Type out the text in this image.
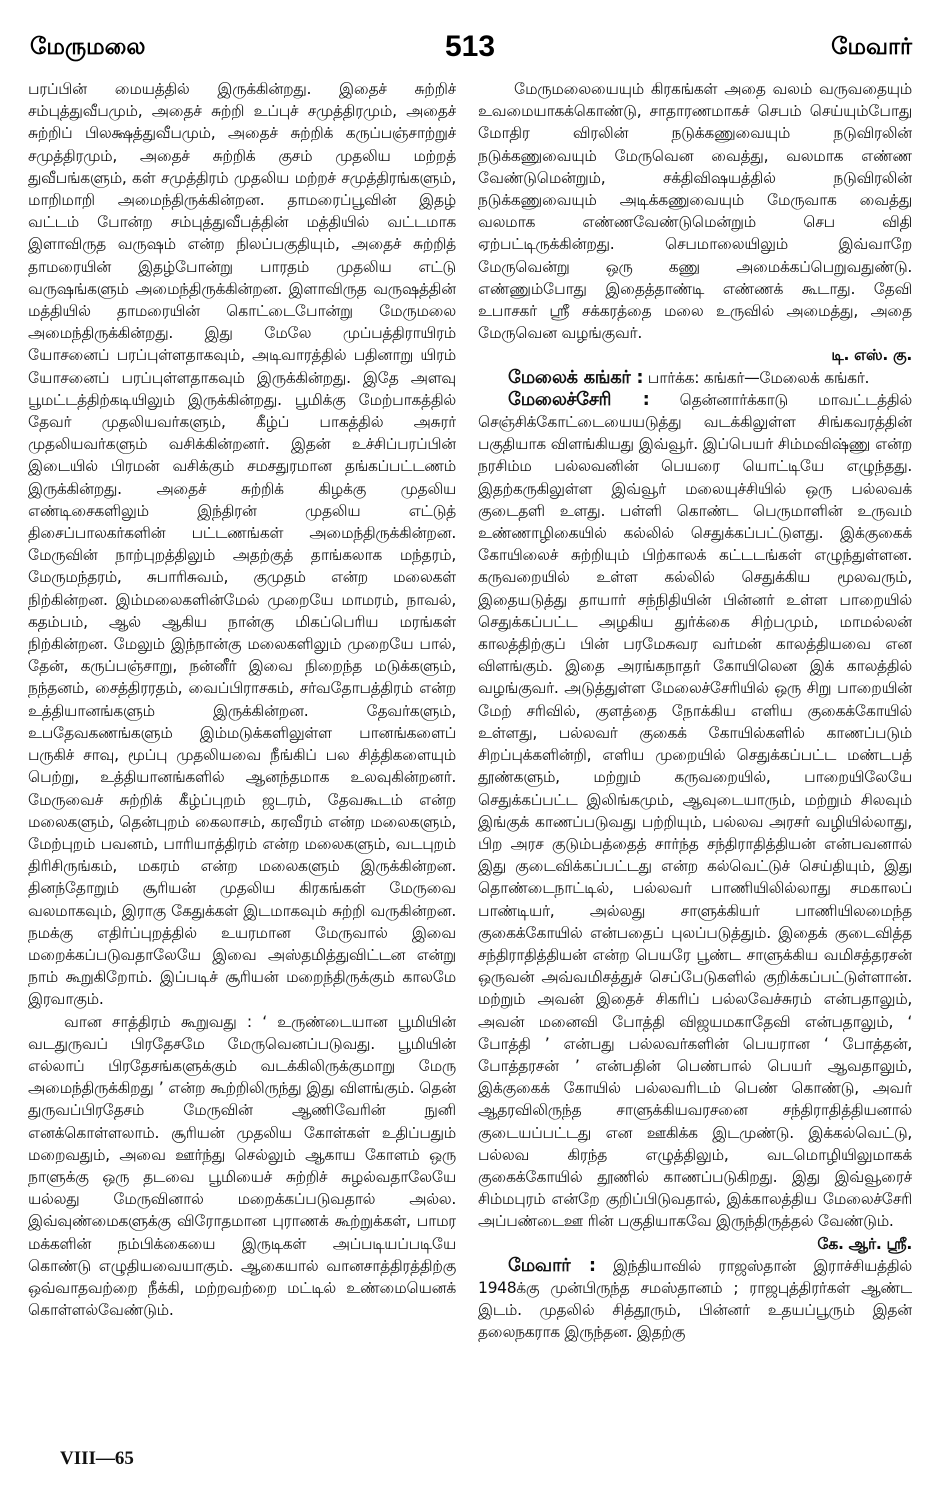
மேருமலை	513	மேவார்

பரப்பின் மையத்தில் இருக்கின்றது. இதைச் சுற்றிச் சம்புத்துவீபமும், அதைச் சுற்றி உப்புச் சமுத்திரமும், அதைச் சுற்றிப் பிலக்ஷத்துவீபமும், அதைச் சுற்றிக் கருப்பஞ்சாற்றுச் சமுத்திரமும், அதைச் சுற்றிக் குசம் முதலிய மற்றத் துவீபங்களும், கள் சமுத்திரம் முதலிய மற்றச் சமுத்திரங்களும், மாறிமாறி அமைந்திருக்கின்றன. தாமரைப்பூவின் இதழ் வட்டம் போன்ற சம்புத்துவீபத்தின் மத்தியில் வட்டமாக இளாவிருத வருஷம் என்ற நிலப்பகுதியும், அதைச் சுற்றித் தாமரையின் இதழ்போன்று பாரதம் முதலிய எட்டு வருஷங்களும் அமைந்திருக்கின்றன. இளாவிருத வருஷத்தின் மத்தியில் தாமரையின் கொட்டைபோன்று மேருமலை அமைந்திருக்கின்றது. இது மேலே முப்பத்திராயிரம் யோசனைப் பரப்புள்ளதாகவும், அடிவாரத்தில் பதினாறு யிரம் யோசனைப் பரப்புள்ளதாகவும் இருக்கின்றது. இதே அளவு பூமட்டத்திற்கடியிலும் இருக்கின்றது. பூமிக்கு மேற்பாகத்தில் தேவர் முதலியவர்களும், கீழ்ப் பாகத்தில் அசுரர் முதலியவர்களும் வசிக்கின்றனர். இதன் உச்சிப்பரப்பின் இடையில் பிரமன் வசிக்கும் சமசதுரமான தங்கப்பட்டணம் இருக்கின்றது. அதைச் சுற்றிக் கிழக்கு முதலிய எண்டிசைகளிலும் இந்திரன் முதலிய எட்டுத் திசைப்பாலகர்களின் பட்டணங்கள் அமைந்திருக்கின்றன. மேருவின் நாற்புறத்திலும் அதற்குத் தாங்கலாக மந்தரம், மேருமந்தரம், சுபாரிசுவம், குமுதம் என்ற மலைகள் நிற்கின்றன. இம்மலைகளின்மேல் முறையே மாமரம், நாவல், கதம்பம், ஆல் ஆகிய நான்கு மிகப்பெரிய மரங்கள் நிற்கின்றன. மேலும் இந்நான்கு மலைகளிலும் முறையே பால், தேன், கருப்பஞ்சாறு, நன்னீர் இவை நிறைந்த மடுக்களும், நந்தனம், சைத்திரரதம், வைப்பிராசகம், சர்வதோபத்திரம் என்ற உத்தியானங்களும் இருக்கின்றன. தேவர்களும், உபதேவகணங்களும் இம்மடுக்களிலுள்ள பானங்களைப் பருகிச் சாவு, மூப்பு முதலியவை நீங்கிப் பல சித்திகளையும் பெற்று, உத்தியானங்களில் ஆனந்தமாக உலவுகின்றனர். மேருவைச் சுற்றிக் கீழ்ப்புறம் ஜடரம், தேவகூடம் என்ற மலைகளும், தென்புறம் கைலாசம், கரவீரம் என்ற மலைகளும், மேற்புறம் பவனம், பாரியாத்திரம் என்ற மலைகளும், வடபுறம் திரிசிருங்கம், மகரம் என்ற மலைகளும் இருக்கின்றன. தினந்தோறும் சூரியன் முதலிய கிரகங்கள் மேருவை வலமாகவும், இராகு கேதுக்கள் இடமாகவும் சுற்றி வருகின்றன. நமக்கு எதிர்ப்புறத்தில் உயரமான மேருவால் இவை மறைக்கப்படுவதாலேயே இவை அஸ்தமித்துவிட்டன என்று நாம் கூறுகிறோம். இப்படிச் சூரியன் மறைந்திருக்கும் காலமே இரவாகும்.

வான சாத்திரம் கூறுவது : ‘ உருண்டையான பூமியின் வடதுருவப் பிரதேசமே மேருவெனப்படுவது. பூமியின் எல்லாப் பிரதேசங்களுக்கும் வடக்கிலிருக்குமாறு மேரு அமைந்திருக்கிறது ’ என்ற கூற்றிலிருந்து இது விளங்கும். தென் துருவப்பிரதேசம் மேருவின் ஆணிவேரின் நுனி எனக்கொள்ளலாம். சூரியன் முதலிய கோள்கள் உதிப்பதும் மறைவதும், அவை ஊர்ந்து செல்லும் ஆகாய கோளம் ஒரு நாளுக்கு ஒரு தடவை பூமியைச் சுற்றிச் சுழல்வதாலேயே யல்லது மேருவினால் மறைக்கப்படுவதால் அல்ல. இவ்வுண்மைகளுக்கு விரோதமான புராணக் கூற்றுக்கள், பாமர மக்களின் நம்பிக்கையை இருடிகள் அப்படியப்படியே கொண்டு எழுதியவையாகும். ஆகையால் வானசாத்திரத்திற்கு ஒவ்வாதவற்றை நீக்கி, மற்றவற்றை மட்டில் உண்மையெனக் கொள்ளல்வேண்டும்.

மேருமலையையும் கிரகங்கள் அதை வலம் வருவதையும் உவமையாகக்கொண்டு, சாதாரணமாகச் செபம் செய்யும்போது மோதிர விரலின் நடுக்கணுவையும் நடுவிரலின் நடுக்கணுவையும் மேருவென வைத்து, வலமாக எண்ண வேண்டுமென்றும், சக்திவிஷயத்தில் நடுவிரலின் நடுக்கணுவையும் அடிக்கணுவையும் மேருவாக வைத்து வலமாக எண்ணவேண்டுமென்றும் செப விதி ஏற்பட்டிருக்கின்றது. செபமாலையிலும் இவ்வாறே மேருவென்று ஒரு கணு அமைக்கப்பெறுவதுண்டு. எண்ணும்போது இதைத்தாண்டி எண்ணக் கூடாது. தேவி உபாசகர் ஸ்ரீ சக்கரத்தை மலை உருவில் அமைத்து, அதை மேருவென வழங்குவர்.

டி. எஸ். கு.

மேலைக் கங்கர் : பார்க்க: கங்கர்—மேலைக் கங்கர்.

மேலைச்சேரி : தென்னார்க்காடு மாவட்டத்தில் செஞ்சிக்கோட்டையையடுத்து வடக்கிலுள்ள சிங்கவரத்தின் பகுதியாக விளங்கியது இவ்வூர். இப்பெயர் சிம்மவிஷ்ணு என்ற நரசிம்ம பல்லவனின் பெயரை யொட்டியே எழுந்தது. இதற்கருகிலுள்ள இவ்வூர் மலையுச்சியில் ஒரு பல்லவக் குடைதளி உளது. பள்ளி கொண்ட பெருமாளின் உருவம் உண்ணாழிகையில் கல்லில் செதுக்கப்பட்டுளது. இக்குகைக் கோயிலைச் சுற்றியும் பிற்காலக் கட்டடங்கள் எழுந்துள்ளன. கருவறையில் உள்ள கல்லில் செதுக்கிய மூலவரும், இதையடுத்து தாயார் சந்நிதியின் பின்னர் உள்ள பாறையில் செதுக்கப்பட்ட அழகிய துர்க்கை சிற்பமும், மாமல்லன் காலத்திற்குப் பின் பரமேசுவர வர்மன் காலத்தியவை என விளங்கும். இதை அரங்கநாதர் கோயிலென இக் காலத்தில் வழங்குவர். அடுத்துள்ள மேலைச்சேரியில் ஒரு சிறு பாறையின் மேற் சரிவில், குளத்தை நோக்கிய எளிய குகைக்கோயில் உள்ளது, பல்லவர் குகைக் கோயில்களில் காணப்படும் சிறப்புக்களின்றி, எளிய முறையில் செதுக்கப்பட்ட மண்டபத் தூண்களும், மற்றும் கருவறையில், பாறையிலேயே செதுக்கப்பட்ட இலிங்கமும், ஆவுடையாரும், மற்றும் சிலவும் இங்குக் காணப்படுவது பற்றியும், பல்லவ அரசர் வழியில்லாது, பிற அரச குடும்பத்தைத் சார்ந்த சந்திராதித்தியன் என்பவனால் இது குடைவிக்கப்பட்டது என்ற கல்வெட்டுச் செய்தியும், இது தொண்டைநாட்டில், பல்லவர் பாணியிலில்லாது சமகாலப் பாண்டியர், அல்லது சாளுக்கியர் பாணியிலமைந்த குகைக்கோயில் என்பதைப் புலப்படுத்தும். இதைக் குடைவித்த சந்திராதித்தியன் என்ற பெயரே பூண்ட சாளுக்கிய வமிசத்தரசன் ஒருவன் அவ்வமிசத்துச் செப்பேடுகளில் குறிக்கப்பட்டுள்ளான். மற்றும் அவன் இதைச் சிகரிப் பல்லவேச்சுரம் என்பதாலும், அவன் மனைவி போத்தி விஜயமகாதேவி என்பதாலும், ‘ போத்தி ’ என்பது பல்லவர்களின் பெயரான ‘ போத்தன், போத்தரசன் ’ என்பதின் பெண்பால் பெயர் ஆவதாலும், இக்குகைக் கோயில் பல்லவரிடம் பெண் கொண்டு, அவர் ஆதரவிலிருந்த சாளுக்கியவரசனை சந்திராதித்தியனால் குடையப்பட்டது என ஊகிக்க இடமுண்டு. இக்கல்வெட்டு, பல்லவ கிரந்த எழுத்திலும், வடமொழியிலுமாகக் குகைக்கோயில் தூணில் காணப்படுகிறது. இது இவ்வூரைச் சிம்மபுரம் என்றே குறிப்பிடுவதால், இக்காலத்திய மேலைச்சேரி அப்பண்டைஊ ரின் பகுதியாகவே இருந்திருத்தல் வேண்டும்.

கே. ஆர். ஸ்ரீ.

மேவார் : இந்தியாவில் ராஜஸ்தான் இராச்சியத்தில் 1948க்கு முன்பிருந்த சமஸ்தானம் ; ராஜபுத்திரர்கள் ஆண்ட இடம். முதலில் சித்தூரும், பின்னர் உதயப்பூரும் இதன் தலைநகராக இருந்தன. இதற்கு

VIII—65
